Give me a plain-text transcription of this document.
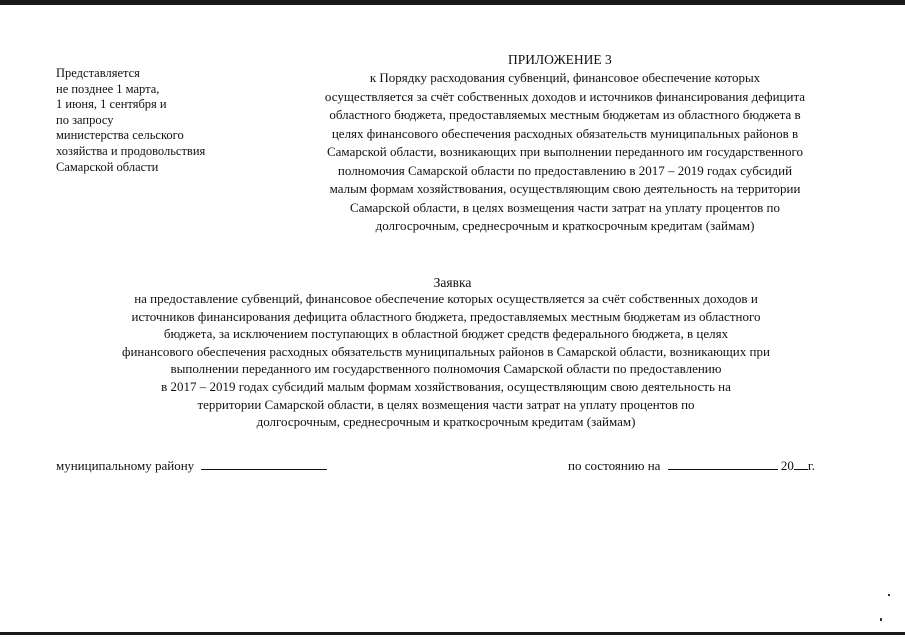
Представляется
не позднее 1 марта,
1 июня, 1 сентября и
по запросу
министерства сельского
хозяйства и продовольствия
Самарской области
ПРИЛОЖЕНИЕ 3
к Порядку расходования субвенций, финансовое обеспечение которых
осуществляется за счёт собственных доходов и источников финансирования дефицита
областного бюджета, предоставляемых местным бюджетам из областного бюджета в
целях финансового обеспечения расходных обязательств муниципальных районов в
Самарской области, возникающих при выполнении переданного им государственного
полномочия Самарской области по предоставлению в 2017 – 2019 годах субсидий
малым формам хозяйствования, осуществляющим свою деятельность на территории
Самарской области, в целях возмещения части затрат на уплату процентов по
долгосрочным, среднесрочным и краткосрочным кредитам (займам)
Заявка
на предоставление субвенций, финансовое обеспечение которых осуществляется за счёт собственных доходов и
источников финансирования дефицита областного бюджета, предоставляемых местным бюджетам из областного
бюджета, за исключением поступающих в областной бюджет средств федерального бюджета, в целях
финансового обеспечения расходных обязательств муниципальных районов в Самарской области, возникающих при
выполнении переданного им государственного полномочия Самарской области по предоставлению
в 2017 – 2019 годах субсидий малым формам хозяйствования, осуществляющим свою деятельность на
территории Самарской области, в целях возмещения части затрат на уплату процентов по
долгосрочным, среднесрочным и краткосрочным кредитам (займам)
муниципальному району	по состоянию на	20 г.
